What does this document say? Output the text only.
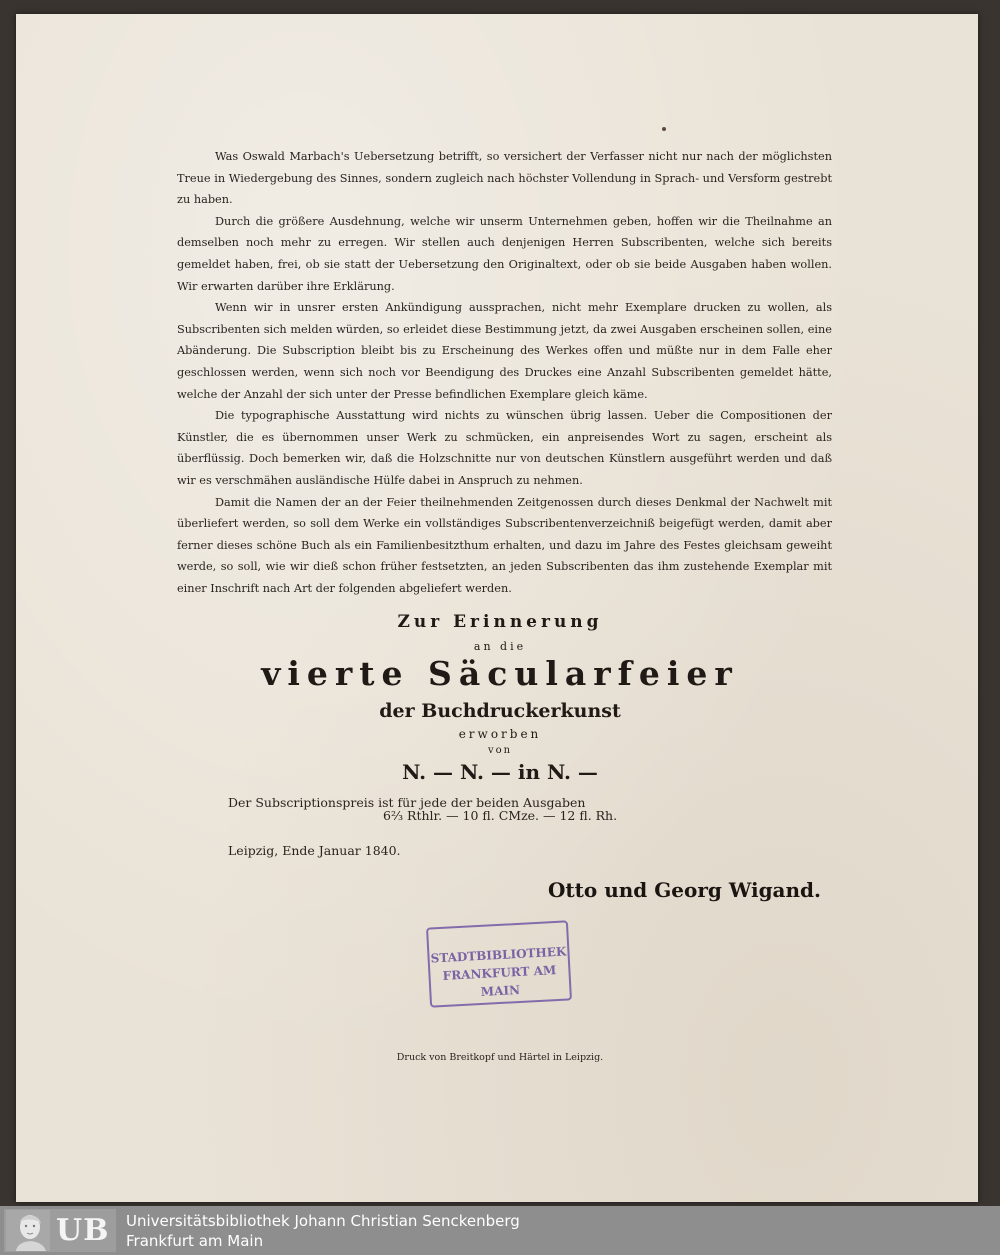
Was Oswald Marbach's Uebersetzung betrifft, so versichert der Verfasser nicht nur nach der möglichsten Treue in Wiedergebung des Sinnes, sondern zugleich nach höchster Vollendung in Sprach- und Versform gestrebt zu haben.

Durch die größere Ausdehnung, welche wir unserm Unternehmen geben, hoffen wir die Theilnahme an demselben noch mehr zu erregen. Wir stellen auch denjenigen Herren Subscribenten, welche sich bereits gemeldet haben, frei, ob sie statt der Uebersetzung den Originaltext, oder ob sie beide Ausgaben haben wollen. Wir erwarten darüber ihre Erklärung.

Wenn wir in unsrer ersten Ankündigung aussprachen, nicht mehr Exemplare drucken zu wollen, als Subscribenten sich melden würden, so erleidet diese Bestimmung jetzt, da zwei Ausgaben erscheinen sollen, eine Abänderung. Die Subscription bleibt bis zu Erscheinung des Werkes offen und müßte nur in dem Falle eher geschlossen werden, wenn sich noch vor Beendigung des Druckes eine Anzahl Subscribenten gemeldet hätte, welche der Anzahl der sich unter der Presse befindlichen Exemplare gleich käme.

Die typographische Ausstattung wird nichts zu wünschen übrig lassen. Ueber die Compositionen der Künstler, die es übernommen unser Werk zu schmücken, ein anpreisendes Wort zu sagen, erscheint als überflüssig. Doch bemerken wir, daß die Holzschnitte nur von deutschen Künstlern ausgeführt werden und daß wir es verschmähen ausländische Hülfe dabei in Anspruch zu nehmen.

Damit die Namen der an der Feier theilnehmenden Zeitgenossen durch dieses Denkmal der Nachwelt mit überliefert werden, so soll dem Werke ein vollständiges Subscribentenverzeichniß beigefügt werden, damit aber ferner dieses schöne Buch als ein Familienbesitzthum erhalten, und dazu im Jahre des Festes gleichsam geweiht werde, so soll, wie wir dieß schon früher festsetzten, an jeden Subscribenten das ihm zustehende Exemplar mit einer Inschrift nach Art der folgenden abgeliefert werden.

Zur Erinnerung
an die
vierte Säcularfeier
der Buchdruckerkunst
erworben
von
N. — N. — in N. —
Der Subscriptionspreis ist für jede der beiden Ausgaben
6⅔ Rthlr. — 10 fl. CMze. — 12 fl. Rh.
Leipzig, Ende Januar 1840.
Otto und Georg Wigand.
STADTBIBLIOTHEK
FRANKFURT AM MAIN
Druck von Breitkopf und Härtel in Leipzig.
UB Universitätsbibliothek Johann Christian Senckenberg
Frankfurt am Main
